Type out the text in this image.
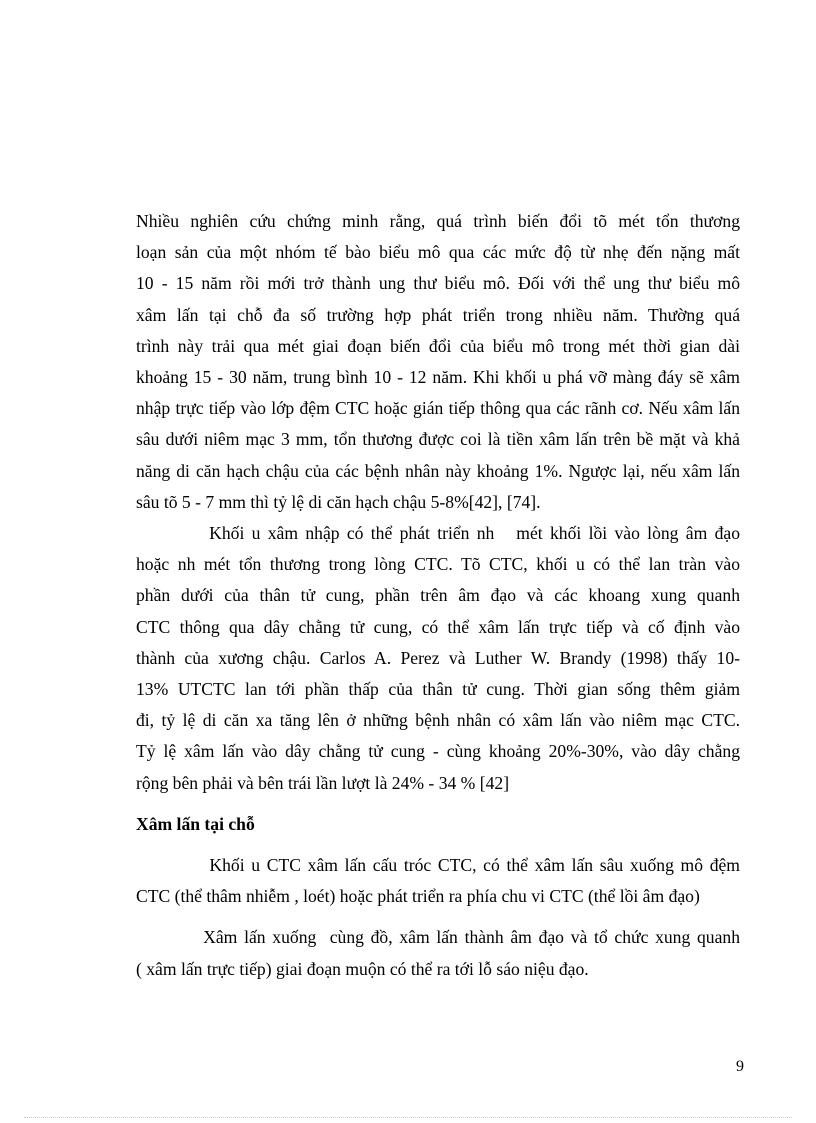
Nhiều nghiên cứu chứng minh rằng, quá trình biến đổi tõ mét tổn thương
loạn sản của một nhóm tế bào biểu mô qua các mức độ từ nhẹ đến nặng mất
10 - 15 năm rồi mới trở thành ung thư biểu mô. Đối với thể ung thư biểu mô
xâm lấn tại chỗ đa số trường hợp phát triển trong nhiều năm. Thường quá
trình này trải qua mét giai đoạn biến đổi của biểu mô trong mét thời gian dài
khoảng 15 - 30 năm, trung bình 10 - 12 năm. Khi khối u phá vỡ màng đáy sẽ xâm
nhập trực tiếp vào lớp đệm CTC hoặc gián tiếp thông qua các rãnh cơ. Nếu xâm lấn
sâu dưới niêm mạc 3 mm, tổn thương được coi là tiền xâm lấn trên bề mặt và khả
năng di căn hạch chậu của các bệnh nhân này khoảng 1%. Ngược lại, nếu xâm lấn
sâu tõ 5 - 7 mm thì tỷ lệ di căn hạch chậu 5-8%[42], [74].

Khối u xâm nhập có thể phát triển nh   mét khối lồi vào lòng âm đạo
hoặc nh mét tổn thương trong lòng CTC. Tõ CTC, khối u có thể lan tràn vào
phần dưới của thân tử cung, phần trên âm đạo và các khoang xung quanh
CTC thông qua dây chằng tử cung, có thể xâm lấn trực tiếp và cố định vào
thành của xương chậu. Carlos A. Perez và Luther W. Brandy (1998) thấy 10-
13% UTCTC lan tới phần thấp của thân tử cung. Thời gian sống thêm giảm
đi, tỷ lệ di căn xa tăng lên ở những bệnh nhân có xâm lấn vào niêm mạc CTC.
Tỷ lệ xâm lấn vào dây chằng tử cung - cùng khoảng 20%-30%, vào dây chằng
rộng bên phải và bên trái lần lượt là 24% - 34 % [42]

Xâm lấn tại chỗ

Khối u CTC xâm lấn cấu tróc CTC, có thể xâm lấn sâu xuống mô đệm
CTC (thể thâm nhiễm , loét) hoặc phát triển ra phía chu vi CTC (thể lồi âm đạo)

Xâm lấn xuống  cùng đồ, xâm lấn thành âm đạo và tổ chức xung quanh
( xâm lấn trực tiếp) giai đoạn muộn có thể ra tới lỗ sáo niệu đạo.

9
